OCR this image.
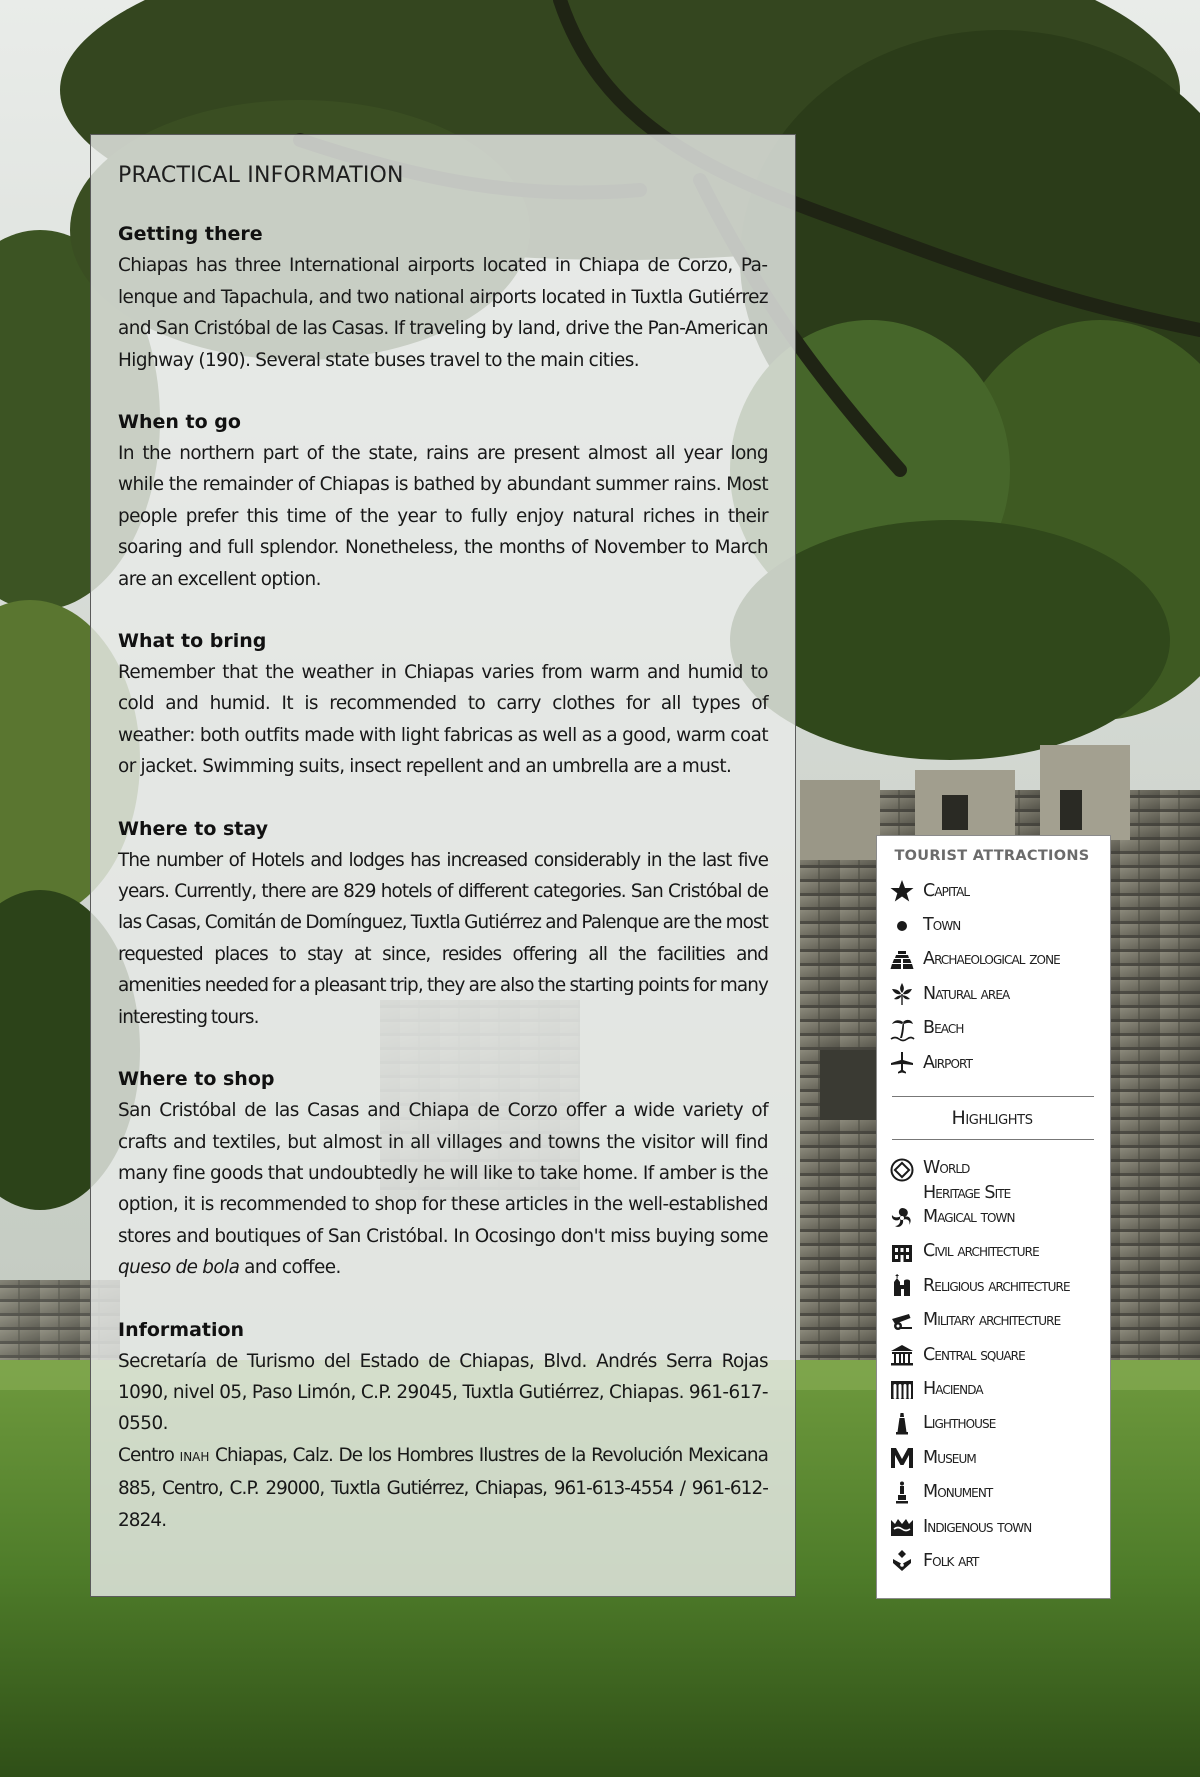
PRACTICAL INFORMATION
Getting there

Chiapas has three International airports located in Chiapa de Corzo, Palenque and Tapachula, and two national airports located in Tuxtla Gutiérrez and San Cristóbal de las Casas. If traveling by land, drive the Pan-American Highway (190). Several state buses travel to the main cities.

When to go

In the northern part of the state, rains are present almost all year long while the remainder of Chiapas is bathed by abundant summer rains. Most people prefer this time of the year to fully enjoy natural riches in their soaring and full splendor. Nonetheless, the months of November to March are an excellent option.

What to bring

Remember that the weather in Chiapas varies from warm and humid to cold and humid. It is recommended to carry clothes for all types of weather: both outfits made with light fabricas as well as a good, warm coat or jacket. Swimming suits, insect repellent and an umbrella are a must.

Where to stay

The number of Hotels and lodges has increased considerably in the last five years. Currently, there are 829 hotels of different categories. San Cristóbal de las Casas, Comitán de Domínguez, Tuxtla Gutiérrez and Palenque are the most requested places to stay at since, resides offering all the facilities and amenities needed for a pleasant trip, they are also the starting points for many interesting tours.

Where to shop

San Cristóbal de las Casas and Chiapa de Corzo offer a wide variety of crafts and textiles, but almost in all villages and towns the visitor will find many fine goods that undoubtedly he will like to take home. If amber is the option, it is recommended to shop for these articles in the well-established stores and boutiques of San Cristóbal. In Ocosingo don't miss buying some queso de bola and coffee.

Information

Secretaría de Turismo del Estado de Chiapas, Blvd. Andrés Serra Rojas 1090, nivel 05, Paso Limón, C.P. 29045, Tuxtla Gutiérrez, Chiapas. 961-617-0550.

Centro INAH Chiapas, Calz. De los Hombres Ilustres de la Revolución Mexicana 885, Centro, C.P. 29000, Tuxtla Gutiérrez, Chiapas, 961-613-4554 / 961-612-2824.

TOURIST ATTRACTIONS
Capital
Town
Archaeological zone
Natural area
Beach
Airport
Highlights
World
Heritage Site
Magical town
Civil architecture
Religious architecture
Military architecture
Central square
Hacienda
Lighthouse
Museum
Monument
Indigenous town
Folk art
